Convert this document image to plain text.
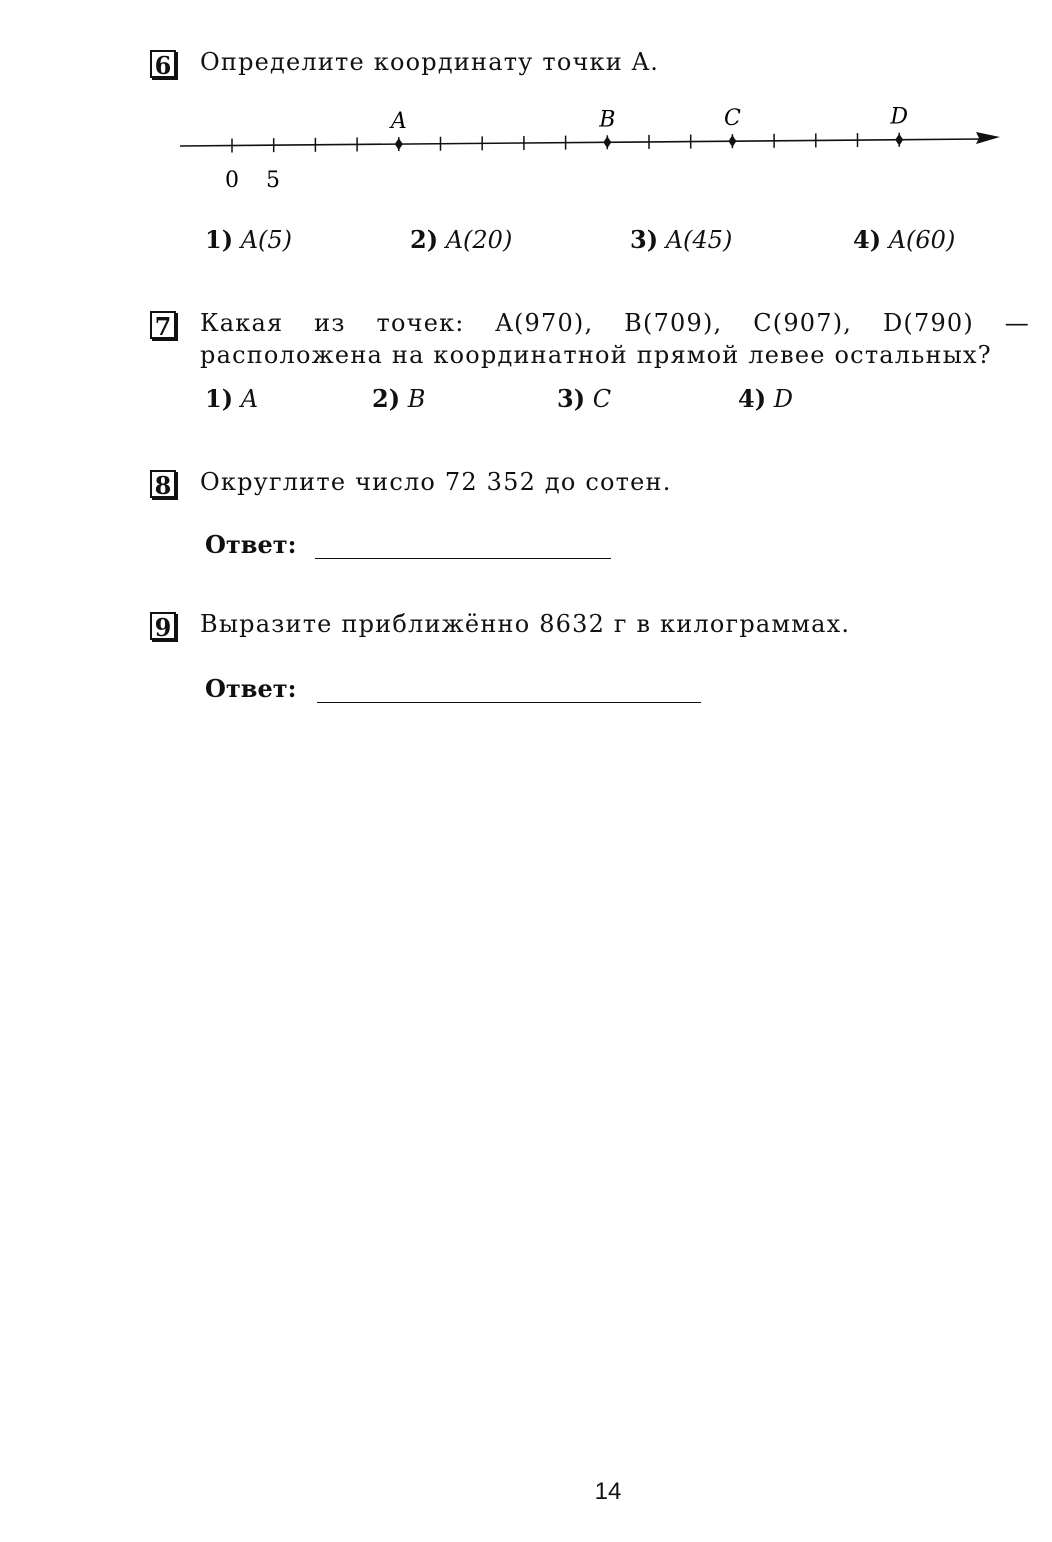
6 Определите координату точки A.
A	B	C	D
0 5
1) A(5)	2) A(20)	3) A(45)	4) A(60)
7 Какая из точек: A(970), B(709), C(907), D(790) — расположена на координатной прямой левее остальных?
1) A	2) B	3) C	4) D
8 Округлите число 72 352 до сотен.
Ответ:
9 Выразите приближённо 8632 г в килограммах.
Ответ:
14
